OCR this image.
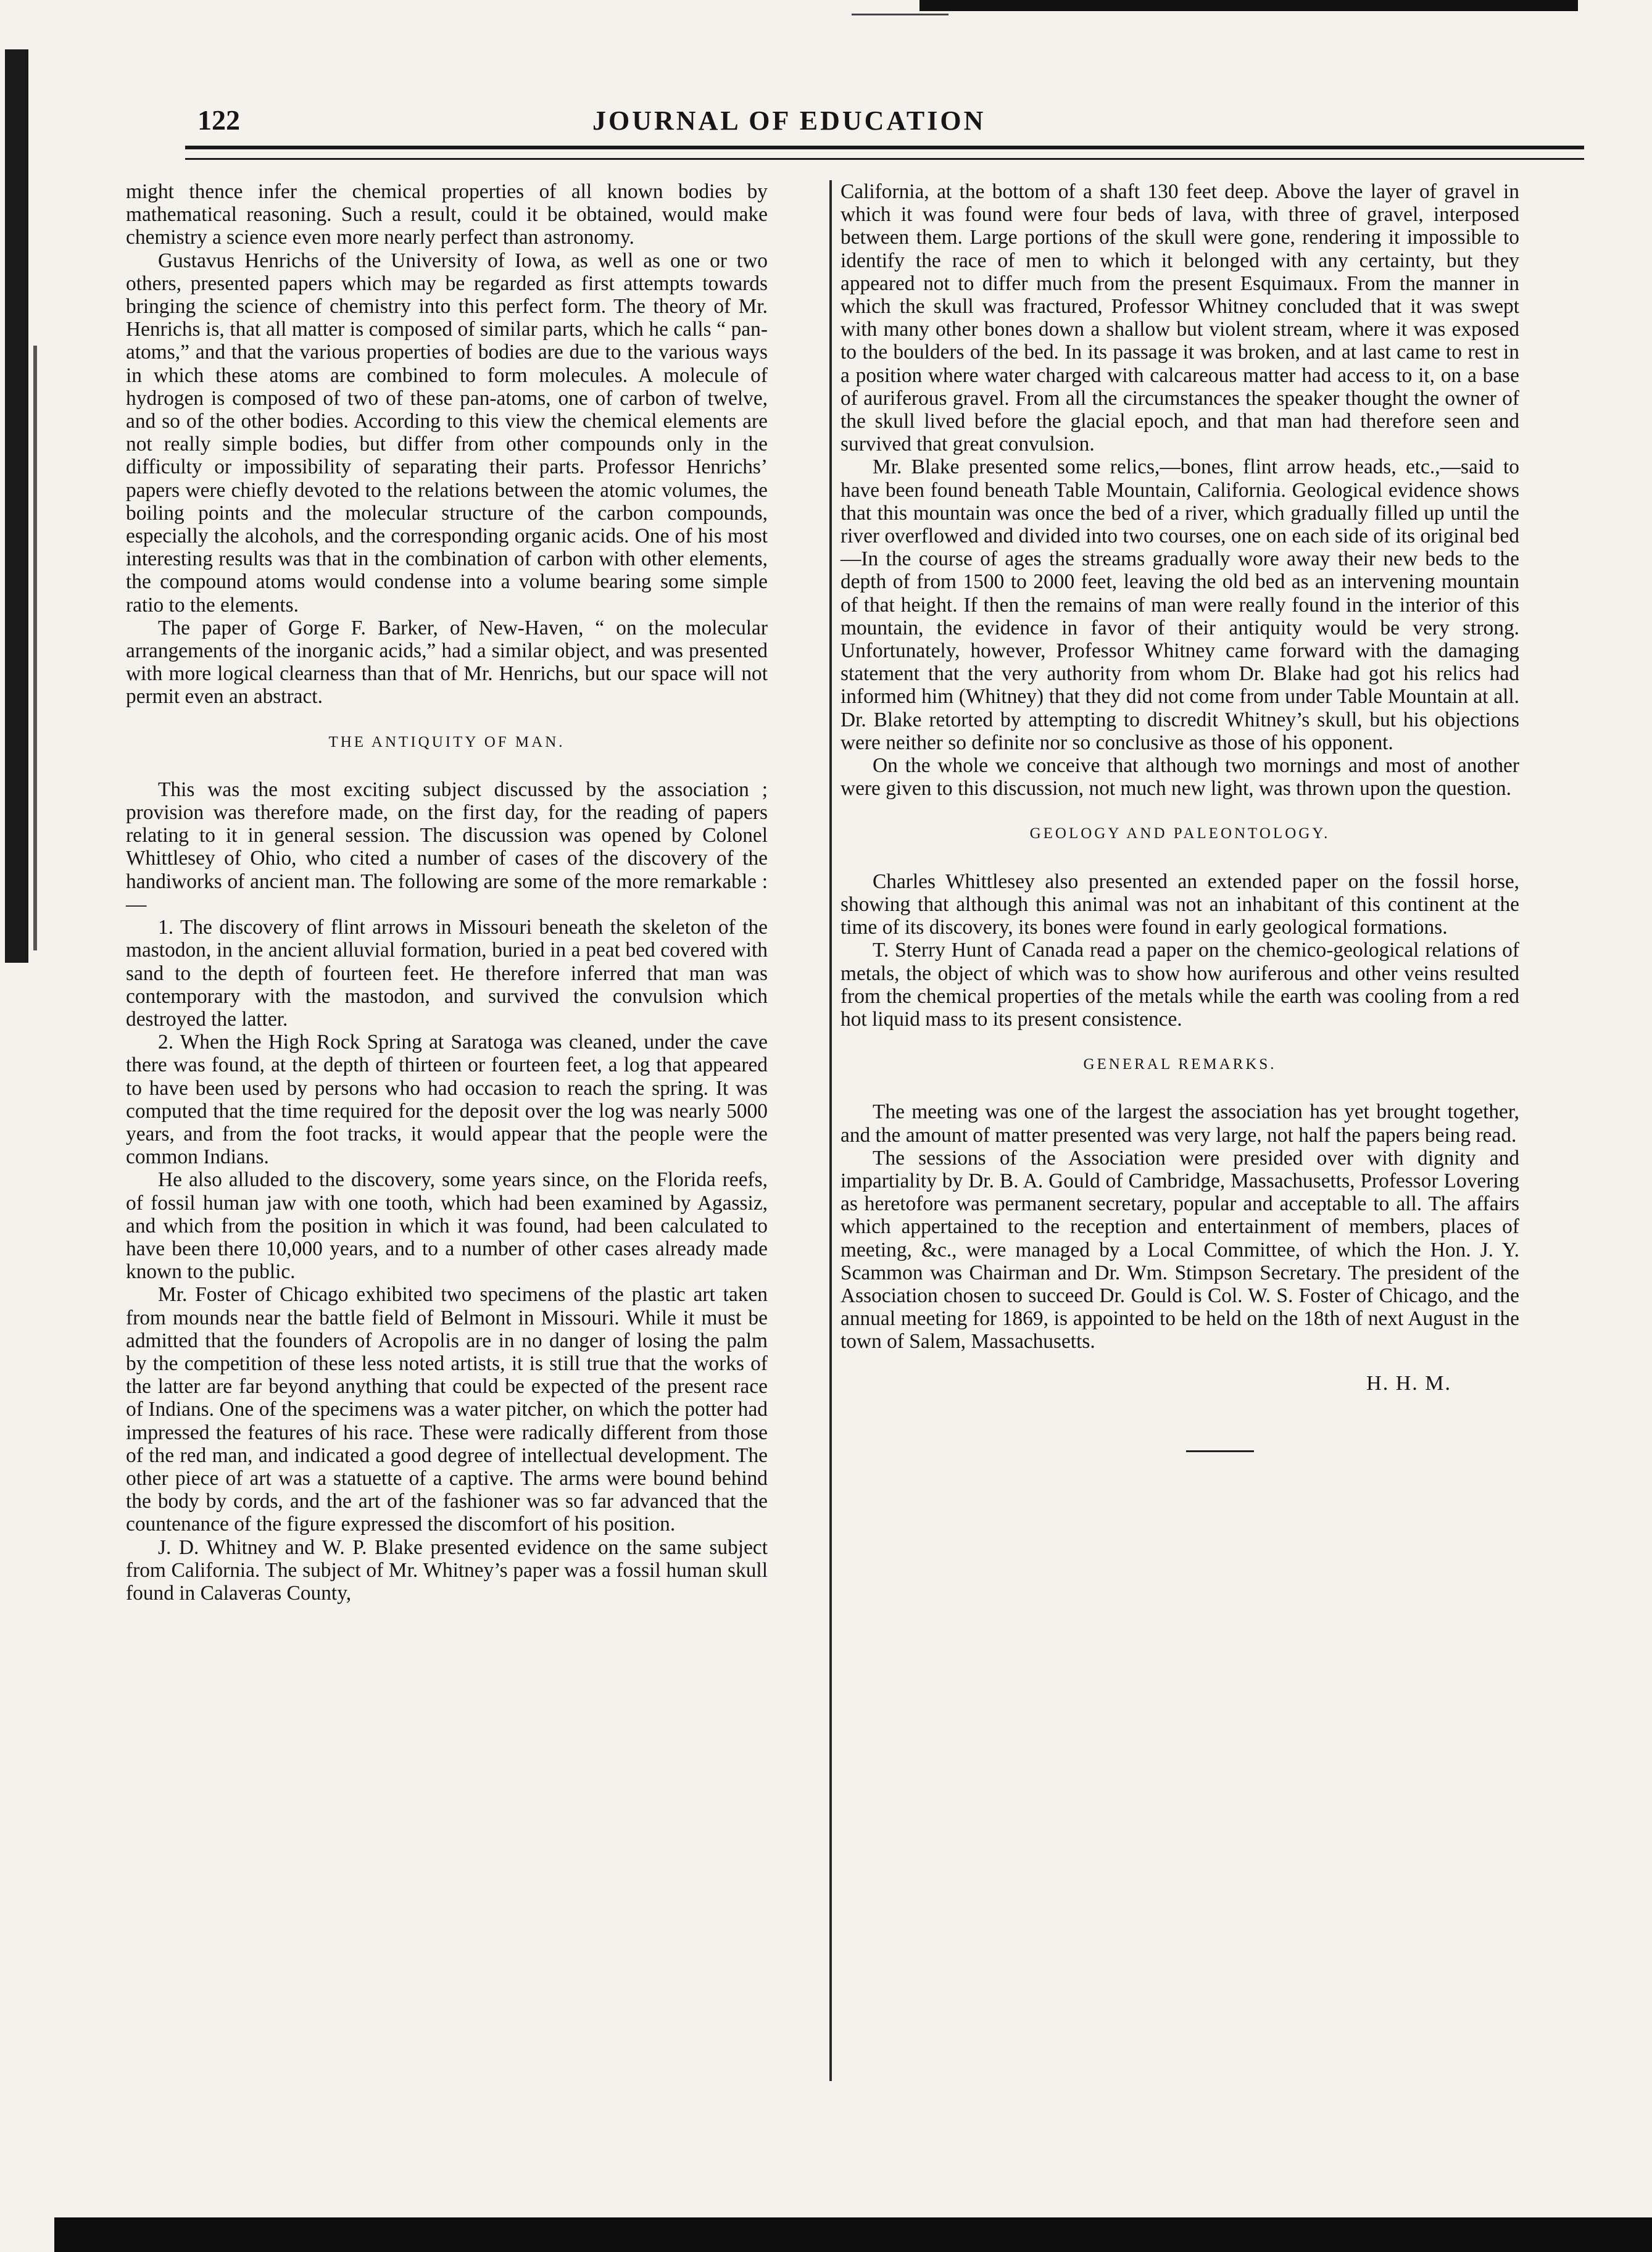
122	JOURNAL OF EDUCATION

might thence infer the chemical properties of all known bodies by mathematical reasoning. Such a result, could it be obtained, would make chemistry a science even more nearly perfect than astronomy.

Gustavus Henrichs of the University of Iowa, as well as one or two others, presented papers which may be regarded as first attempts towards bringing the science of chemistry into this perfect form. The theory of Mr. Henrichs is, that all matter is composed of similar parts, which he calls “ pan-atoms,” and that the various properties of bodies are due to the various ways in which these atoms are combined to form molecules. A molecule of hydrogen is composed of two of these pan-atoms, one of carbon of twelve, and so of the other bodies. According to this view the chemical elements are not really simple bodies, but differ from other compounds only in the difficulty or impossibility of separating their parts. Professor Henrichs’ papers were chiefly devoted to the relations between the atomic volumes, the boiling points and the molecular structure of the carbon compounds, especially the alcohols, and the corresponding organic acids. One of his most interesting results was that in the combination of carbon with other elements, the compound atoms would condense into a volume bearing some simple ratio to the elements.

The paper of Gorge F. Barker, of New-Haven, “ on the molecular arrangements of the inorganic acids,” had a similar object, and was presented with more logical clearness than that of Mr. Henrichs, but our space will not permit even an abstract.

THE ANTIQUITY OF MAN.

This was the most exciting subject discussed by the association ; provision was therefore made, on the first day, for the reading of papers relating to it in general session. The discussion was opened by Colonel Whittlesey of Ohio, who cited a number of cases of the discovery of the handiworks of ancient man. The following are some of the more remarkable :—

1. The discovery of flint arrows in Missouri beneath the skeleton of the mastodon, in the ancient alluvial formation, buried in a peat bed covered with sand to the depth of fourteen feet. He therefore inferred that man was contemporary with the mastodon, and survived the convulsion which destroyed the latter.

2. When the High Rock Spring at Saratoga was cleaned, under the cave there was found, at the depth of thirteen or fourteen feet, a log that appeared to have been used by persons who had occasion to reach the spring. It was computed that the time required for the deposit over the log was nearly 5000 years, and from the foot tracks, it would appear that the people were the common Indians.

He also alluded to the discovery, some years since, on the Florida reefs, of fossil human jaw with one tooth, which had been examined by Agassiz, and which from the position in which it was found, had been calculated to have been there 10,000 years, and to a number of other cases already made known to the public.

Mr. Foster of Chicago exhibited two specimens of the plastic art taken from mounds near the battle field of Belmont in Missouri. While it must be admitted that the founders of Acropolis are in no danger of losing the palm by the competition of these less noted artists, it is still true that the works of the latter are far beyond anything that could be expected of the present race of Indians. One of the specimens was a water pitcher, on which the potter had impressed the features of his race. These were radically different from those of the red man, and indicated a good degree of intellectual development. The other piece of art was a statuette of a captive. The arms were bound behind the body by cords, and the art of the fashioner was so far advanced that the countenance of the figure expressed the discomfort of his position.

J. D. Whitney and W. P. Blake presented evidence on the same subject from California. The subject of Mr. Whitney’s paper was a fossil human skull found in Calaveras County,

California, at the bottom of a shaft 130 feet deep. Above the layer of gravel in which it was found were four beds of lava, with three of gravel, interposed between them. Large portions of the skull were gone, rendering it impossible to identify the race of men to which it belonged with any certainty, but they appeared not to differ much from the present Esquimaux. From the manner in which the skull was fractured, Professor Whitney concluded that it was swept with many other bones down a shallow but violent stream, where it was exposed to the boulders of the bed. In its passage it was broken, and at last came to rest in a position where water charged with calcareous matter had access to it, on a base of auriferous gravel. From all the circumstances the speaker thought the owner of the skull lived before the glacial epoch, and that man had therefore seen and survived that great convulsion.

Mr. Blake presented some relics,—bones, flint arrow heads, etc.,—said to have been found beneath Table Mountain, California. Geological evidence shows that this mountain was once the bed of a river, which gradually filled up until the river overflowed and divided into two courses, one on each side of its original bed—In the course of ages the streams gradually wore away their new beds to the depth of from 1500 to 2000 feet, leaving the old bed as an intervening mountain of that height. If then the remains of man were really found in the interior of this mountain, the evidence in favor of their antiquity would be very strong. Unfortunately, however, Professor Whitney came forward with the damaging statement that the very authority from whom Dr. Blake had got his relics had informed him (Whitney) that they did not come from under Table Mountain at all. Dr. Blake retorted by attempting to discredit Whitney’s skull, but his objections were neither so definite nor so conclusive as those of his opponent.

On the whole we conceive that although two mornings and most of another were given to this discussion, not much new light, was thrown upon the question.

GEOLOGY AND PALEONTOLOGY.

Charles Whittlesey also presented an extended paper on the fossil horse, showing that although this animal was not an inhabitant of this continent at the time of its discovery, its bones were found in early geological formations.

T. Sterry Hunt of Canada read a paper on the chemico-geological relations of metals, the object of which was to show how auriferous and other veins resulted from the chemical properties of the metals while the earth was cooling from a red hot liquid mass to its present consistence.

GENERAL REMARKS.

The meeting was one of the largest the association has yet brought together, and the amount of matter presented was very large, not half the papers being read.

The sessions of the Association were presided over with dignity and impartiality by Dr. B. A. Gould of Cambridge, Massachusetts, Professor Lovering as heretofore was permanent secretary, popular and acceptable to all. The affairs which appertained to the reception and entertainment of members, places of meeting, &c., were managed by a Local Committee, of which the Hon. J. Y. Scammon was Chairman and Dr. Wm. Stimpson Secretary. The president of the Association chosen to succeed Dr. Gould is Col. W. S. Foster of Chicago, and the annual meeting for 1869, is appointed to be held on the 18th of next August in the town of Salem, Massachusetts.

H. H. M.
